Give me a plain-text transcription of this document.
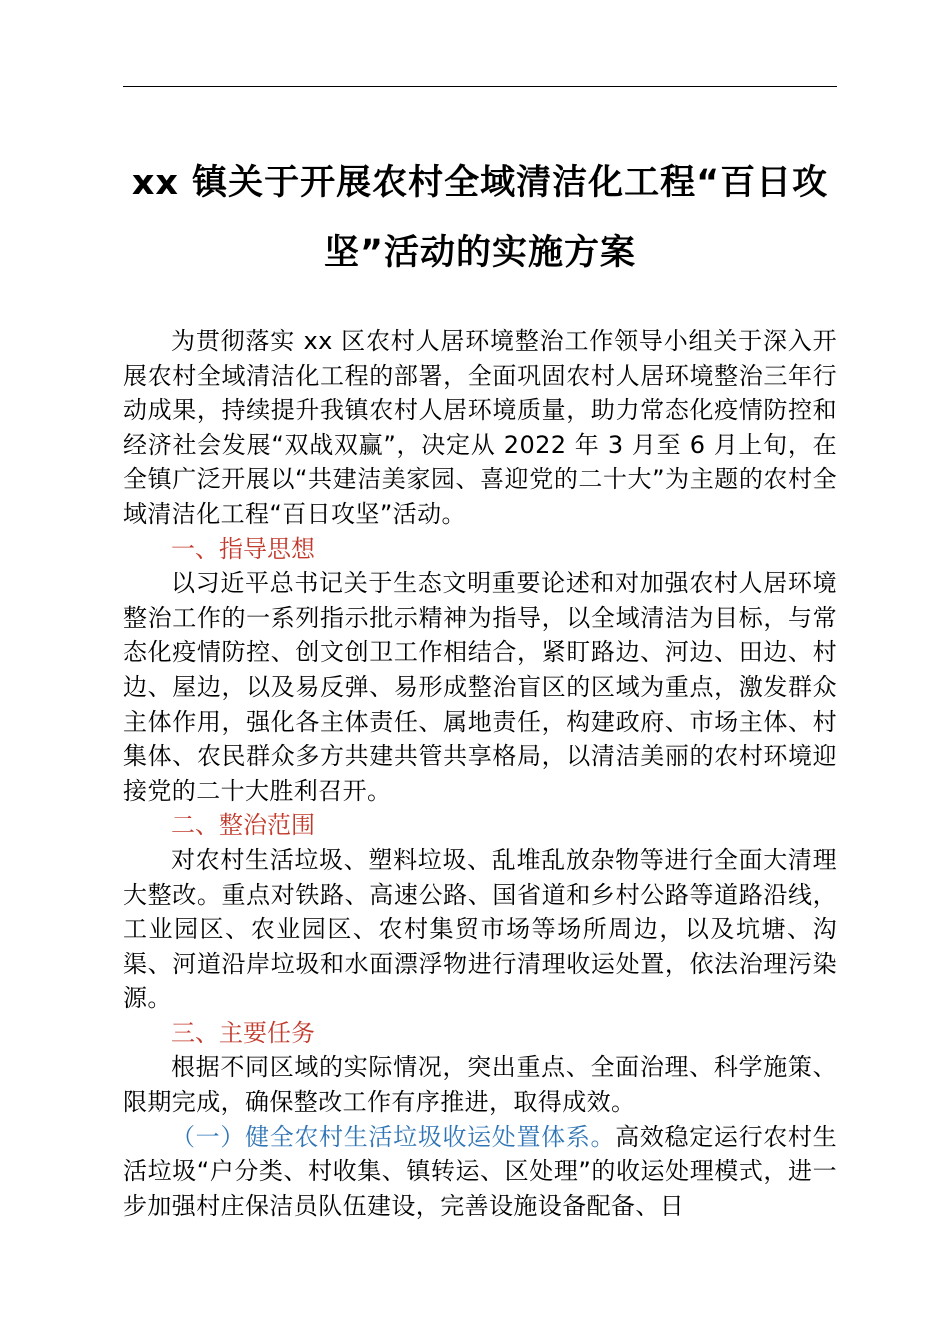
xx 镇关于开展农村全域清洁化工程“百日攻
坚”活动的实施方案

为贯彻落实 xx 区农村人居环境整治工作领导小组关于深入开展农村全域清洁化工程的部署，全面巩固农村人居环境整治三年行动成果，持续提升我镇农村人居环境质量，助力常态化疫情防控和经济社会发展“双战双赢”，决定从 2022 年 3 月至 6 月上旬，在全镇广泛开展以“共建洁美家园、喜迎党的二十大”为主题的农村全域清洁化工程“百日攻坚”活动。

一、指导思想

以习近平总书记关于生态文明重要论述和对加强农村人居环境整治工作的一系列指示批示精神为指导，以全域清洁为目标，与常态化疫情防控、创文创卫工作相结合，紧盯路边、河边、田边、村边、屋边，以及易反弹、易形成整治盲区的区域为重点，激发群众主体作用，强化各主体责任、属地责任，构建政府、市场主体、村集体、农民群众多方共建共管共享格局，以清洁美丽的农村环境迎接党的二十大胜利召开。

二、整治范围

对农村生活垃圾、塑料垃圾、乱堆乱放杂物等进行全面大清理大整改。重点对铁路、高速公路、国省道和乡村公路等道路沿线，工业园区、农业园区、农村集贸市场等场所周边，以及坑塘、沟渠、河道沿岸垃圾和水面漂浮物进行清理收运处置，依法治理污染源。

三、主要任务

根据不同区域的实际情况，突出重点、全面治理、科学施策、限期完成，确保整改工作有序推进，取得成效。

（一）健全农村生活垃圾收运处置体系。高效稳定运行农村生活垃圾“户分类、村收集、镇转运、区处理”的收运处理模式，进一步加强村庄保洁员队伍建设，完善设施设备配备、日
